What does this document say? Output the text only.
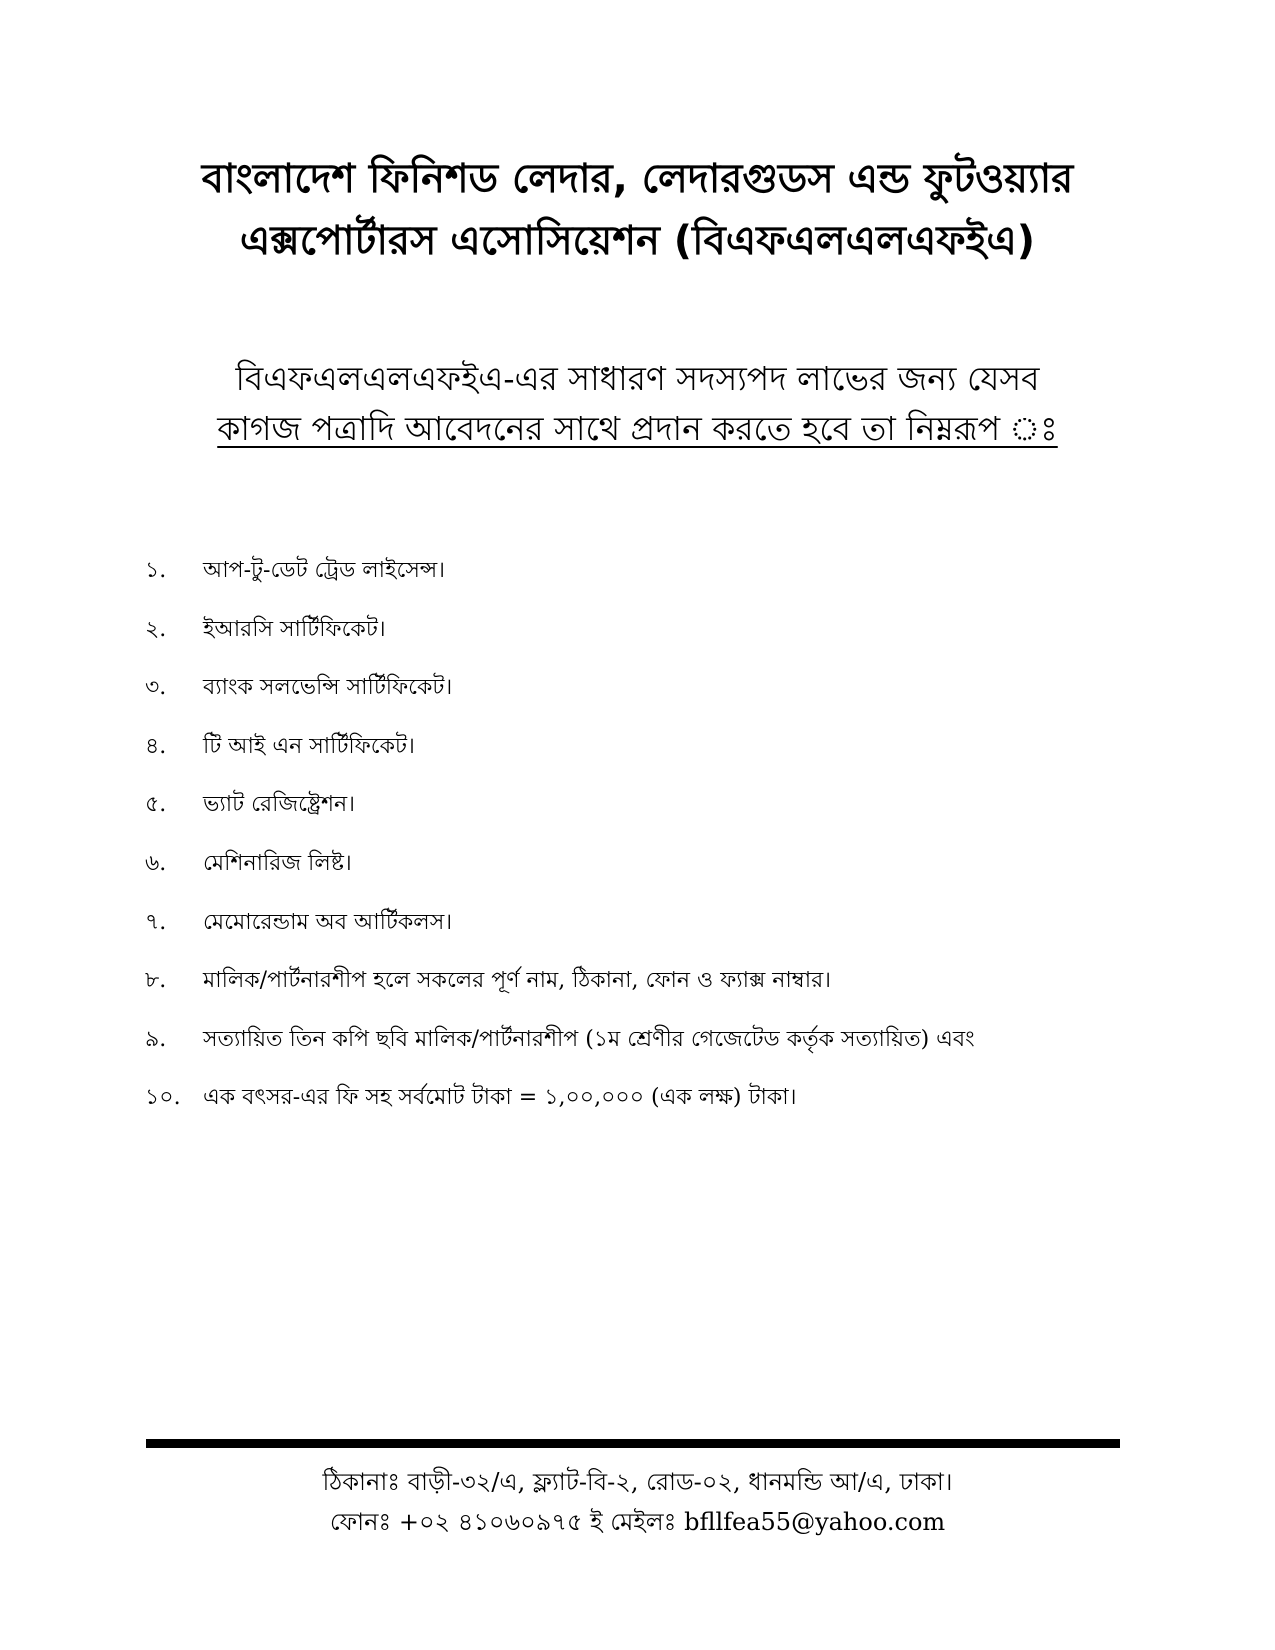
বাংলাদেশ ফিনিশড লেদার, লেদারগুডস এন্ড ফুটওয়্যার
এক্সপোর্টারস এসোসিয়েশন (বিএফএলএলএফইএ)

বিএফএলএলএফইএ-এর সাধারণ সদস্যপদ লাভের জন্য যেসব
কাগজ পত্রাদি আবেদনের সাথে প্রদান করতে হবে তা নিম্নরূপ ঃ

১.	আপ-টু-ডেট ট্রেড লাইসেন্স।
২.	ইআরসি সার্টিফিকেট।
৩.	ব্যাংক সলভেন্সি সার্টিফিকেট।
৪.	টি আই এন সার্টিফিকেট।
৫.	ভ্যাট রেজিষ্ট্রেশন।
৬.	মেশিনারিজ লিষ্ট।
৭.	মেমোরেন্ডাম অব আর্টিকলস।
৮.	মালিক/পার্টনারশীপ হলে সকলের পূর্ণ নাম, ঠিকানা, ফোন ও ফ্যাক্স নাম্বার।
৯.	সত্যায়িত তিন কপি ছবি মালিক/পার্টনারশীপ (১ম শ্রেণীর গেজেটেড কর্তৃক সত্যায়িত) এবং
১০.	এক বৎসর-এর ফি সহ সর্বমোট টাকা = ১,০০,০০০ (এক লক্ষ) টাকা।
ঠিকানাঃ বাড়ী-৩২/এ, ফ্ল্যাট-বি-২, রোড-০২, ধানমন্ডি আ/এ, ঢাকা।
ফোনঃ +০২ ৪১০৬০৯৭৫ ই মেইলঃ bfllfea55@yahoo.com
